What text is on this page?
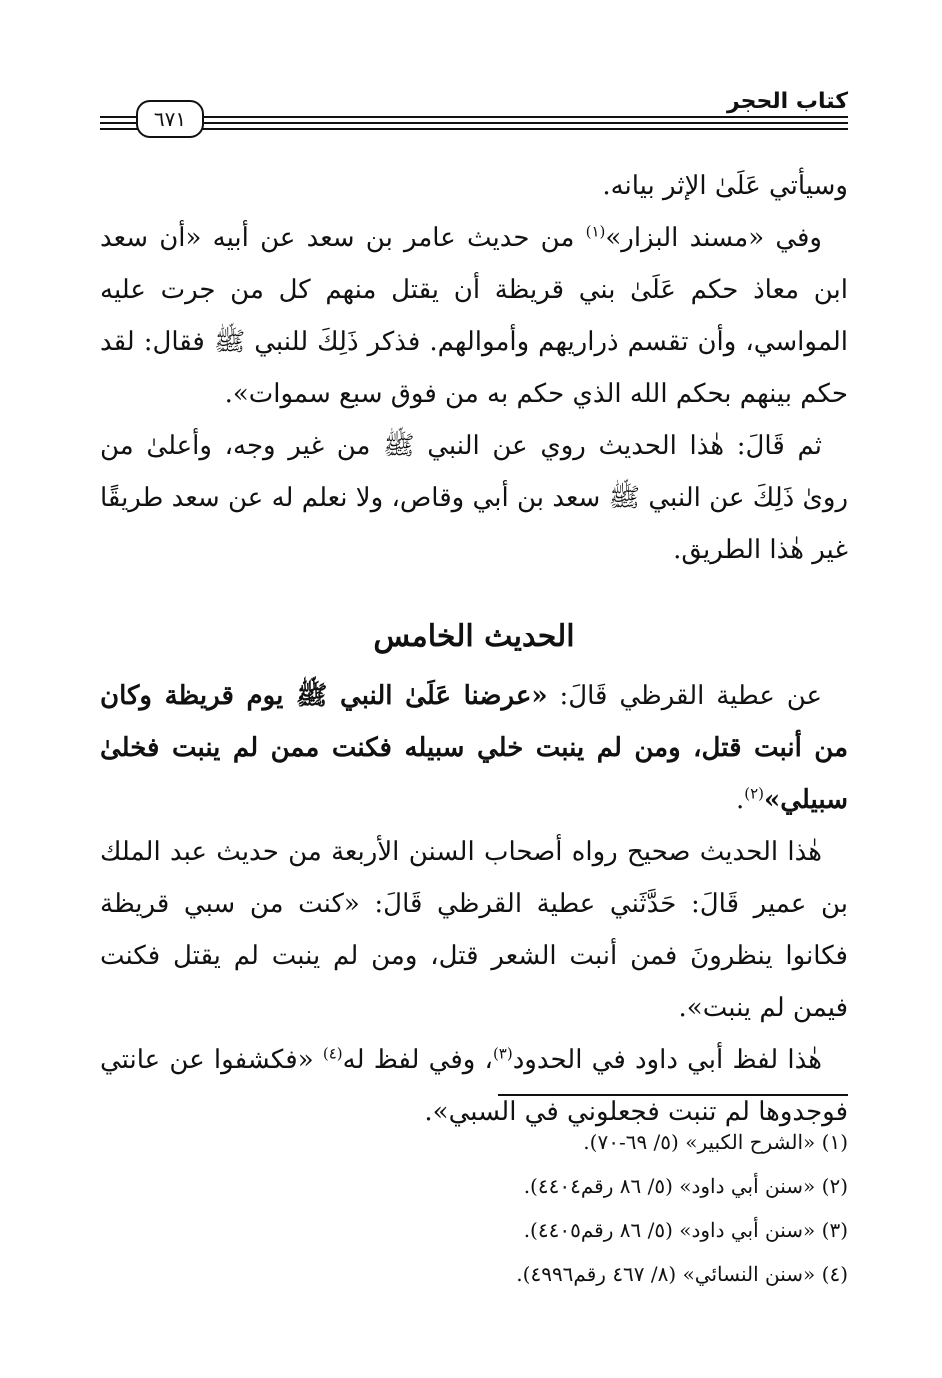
كتاب الحجر
٦٧١

وسيأتي عَلَىٰ الإثر بيانه.

وفي «مسند البزار»$^{(١)}$ من حديث عامر بن سعد عن أبيه «أن سعد ابن معاذ حكم عَلَىٰ بني قريظة أن يقتل منهم كل من جرت عليه المواسي، وأن تقسم ذراريهم وأموالهم. فذكر ذَلِكَ للنبي ﷺ فقال: لقد حكم بينهم بحكم الله الذي حكم به من فوق سبع سموات».

ثم قَالَ: هٰذا الحديث روي عن النبي ﷺ من غير وجه، وأعلىٰ من روىٰ ذَلِكَ عن النبي ﷺ سعد بن أبي وقاص، ولا نعلم له عن سعد طريقًا غير هٰذا الطريق.

الحديث الخامس

عن عطية القرظي قَالَ: «عرضنا عَلَىٰ النبي ﷺ يوم قريظة وكان من أنبت قتل، ومن لم ينبت خلي سبيله فكنت ممن لم ينبت فخلىٰ سبيلي»$^{(٢)}$.

هٰذا الحديث صحيح رواه أصحاب السنن الأربعة من حديث عبد الملك بن عمير قَالَ: حَدَّثَني عطية القرظي قَالَ: «كنت من سبي قريظة فكانوا ينظرونَ فمن أنبت الشعر قتل، ومن لم ينبت لم يقتل فكنت فيمن لم ينبت».

هٰذا لفظ أبي داود في الحدود$^{(٣)}$، وفي لفظ له$^{(٤)}$ «فكشفوا عن عانتي فوجدوها لم تنبت فجعلوني في السبي».

(١) «الشرح الكبير» (٥/ ٦٩-٧٠).
(٢) «سنن أبي داود» (٥/ ٨٦ رقم٤٤٠٤).
(٣) «سنن أبي داود» (٥/ ٨٦ رقم٤٤٠٥).
(٤) «سنن النسائي» (٨/ ٤٦٧ رقم٤٩٩٦).
